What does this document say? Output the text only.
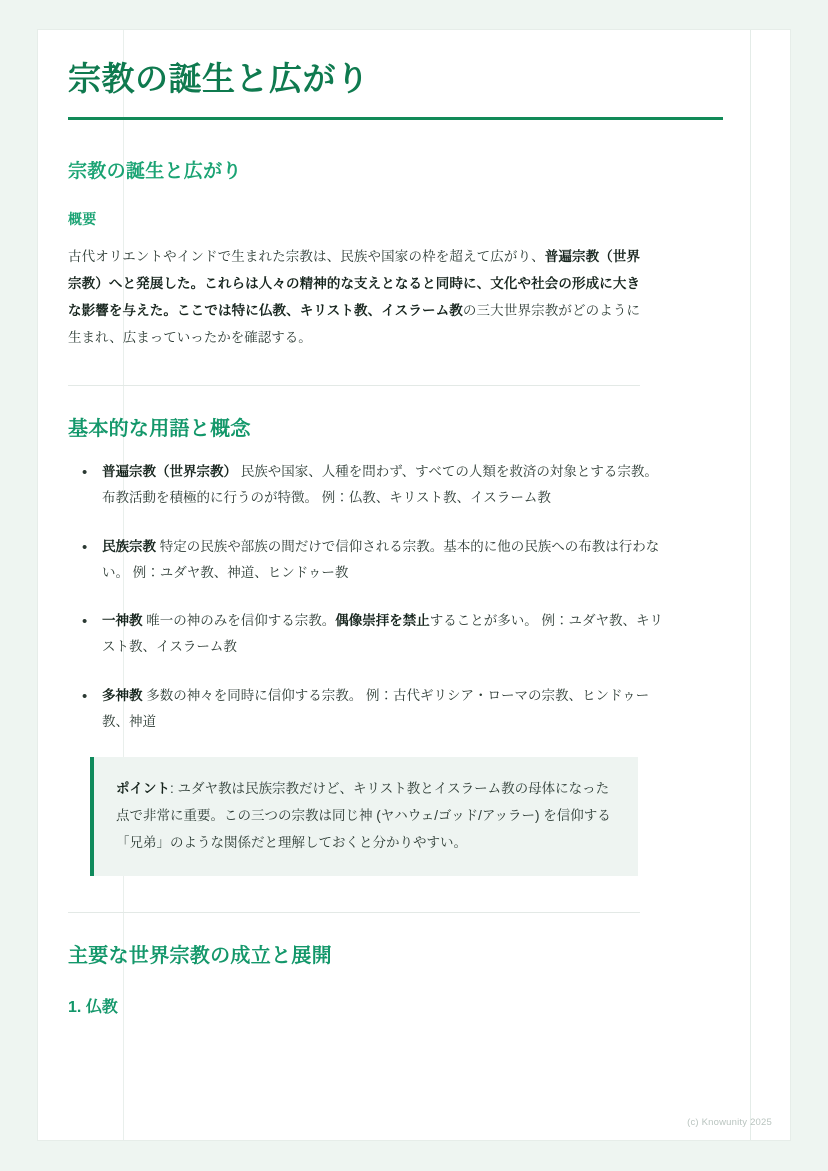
宗教の誕生と広がり
宗教の誕生と広がり
概要

古代オリエントやインドで生まれた宗教は、民族や国家の枠を超えて広がり、普遍宗教（世界宗教）へと発展した。これらは人々の精神的な支えとなると同時に、文化や社会の形成に大きな影響を与えた。ここでは特に仏教、キリスト教、イスラーム教の三大世界宗教がどのように生まれ、広まっていったかを確認する。

基本的な用語と概念
• 普遍宗教（世界宗教） 民族や国家、人種を問わず、すべての人類を救済の対象とする宗教。布教活動を積極的に行うのが特徴。 例：仏教、キリスト教、イスラーム教
• 民族宗教 特定の民族や部族の間だけで信仰される宗教。基本的に他の民族への布教は行わない。 例：ユダヤ教、神道、ヒンドゥー教
• 一神教 唯一の神のみを信仰する宗教。偶像崇拝を禁止することが多い。 例：ユダヤ教、キリスト教、イスラーム教
• 多神教 多数の神々を同時に信仰する宗教。 例：古代ギリシア・ローマの宗教、ヒンドゥー教、神道

ポイント: ユダヤ教は民族宗教だけど、キリスト教とイスラーム教の母体になった点で非常に重要。この三つの宗教は同じ神 (ヤハウェ/ゴッド/アッラー) を信仰する「兄弟」のような関係だと理解しておくと分かりやすい。

主要な世界宗教の成立と展開
1. 仏教
(c) Knowunity 2025
